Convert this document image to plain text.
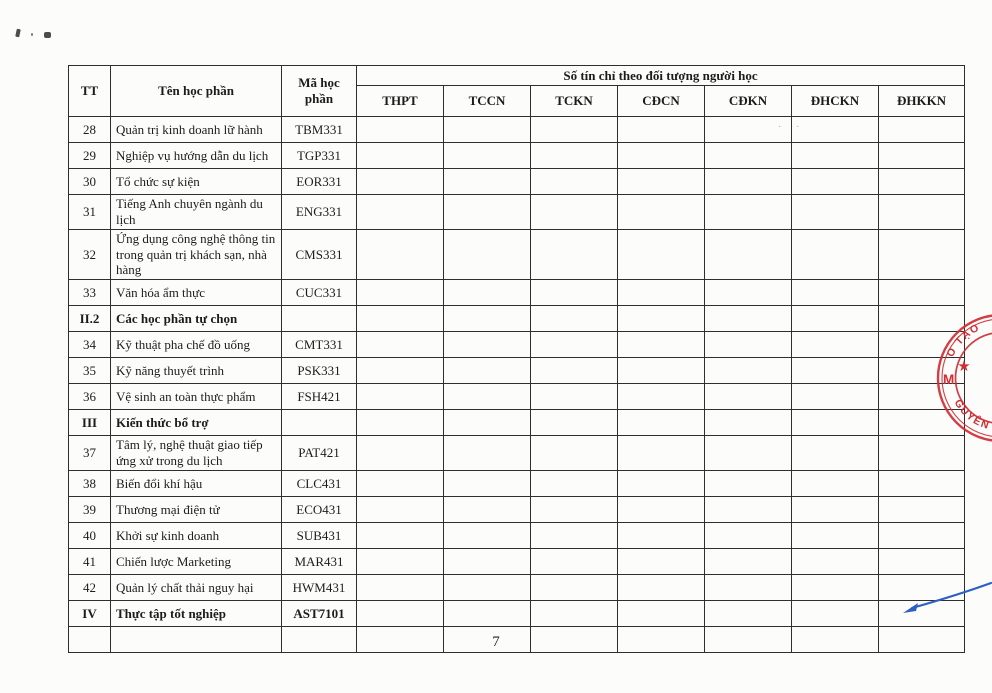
· ··
TT	Tên học phần	Mã học phần	Số tín chỉ theo đối tượng người học						
			THPT	TCCN	TCKN	CĐCN	CĐKN	ĐHCKN	ĐHKKN
28	Quản trị kinh doanh lữ hành	TBM331							
29	Nghiệp vụ hướng dẫn du lịch	TGP331							
30	Tổ chức sự kiện	EOR331							
31	Tiếng Anh chuyên ngành du lịch	ENG331							
32	Ứng dụng công nghệ thông tin trong quản trị khách sạn, nhà hàng	CMS331							
33	Văn hóa ẩm thực	CUC331							
II.2	Các học phần tự chọn								
34	Kỹ thuật pha chế đồ uống	CMT331							
35	Kỹ năng thuyết trình	PSK331							
36	Vệ sinh an toàn thực phẩm	FSH421							
III	Kiến thức bổ trợ								
37	Tâm lý, nghệ thuật giao tiếp ứng xử trong du lịch	PAT421							
38	Biến đổi khí hậu	CLC431							
39	Thương mại điện tử	ECO431							
40	Khởi sự kinh doanh	SUB431							
41	Chiến lược Marketing	MAR431							
42	Quản lý chất thải nguy hại	HWM431							
IV	Thực tập tốt nghiệp	AST7101							

7
O TẠO
GUYÊN
★
M
